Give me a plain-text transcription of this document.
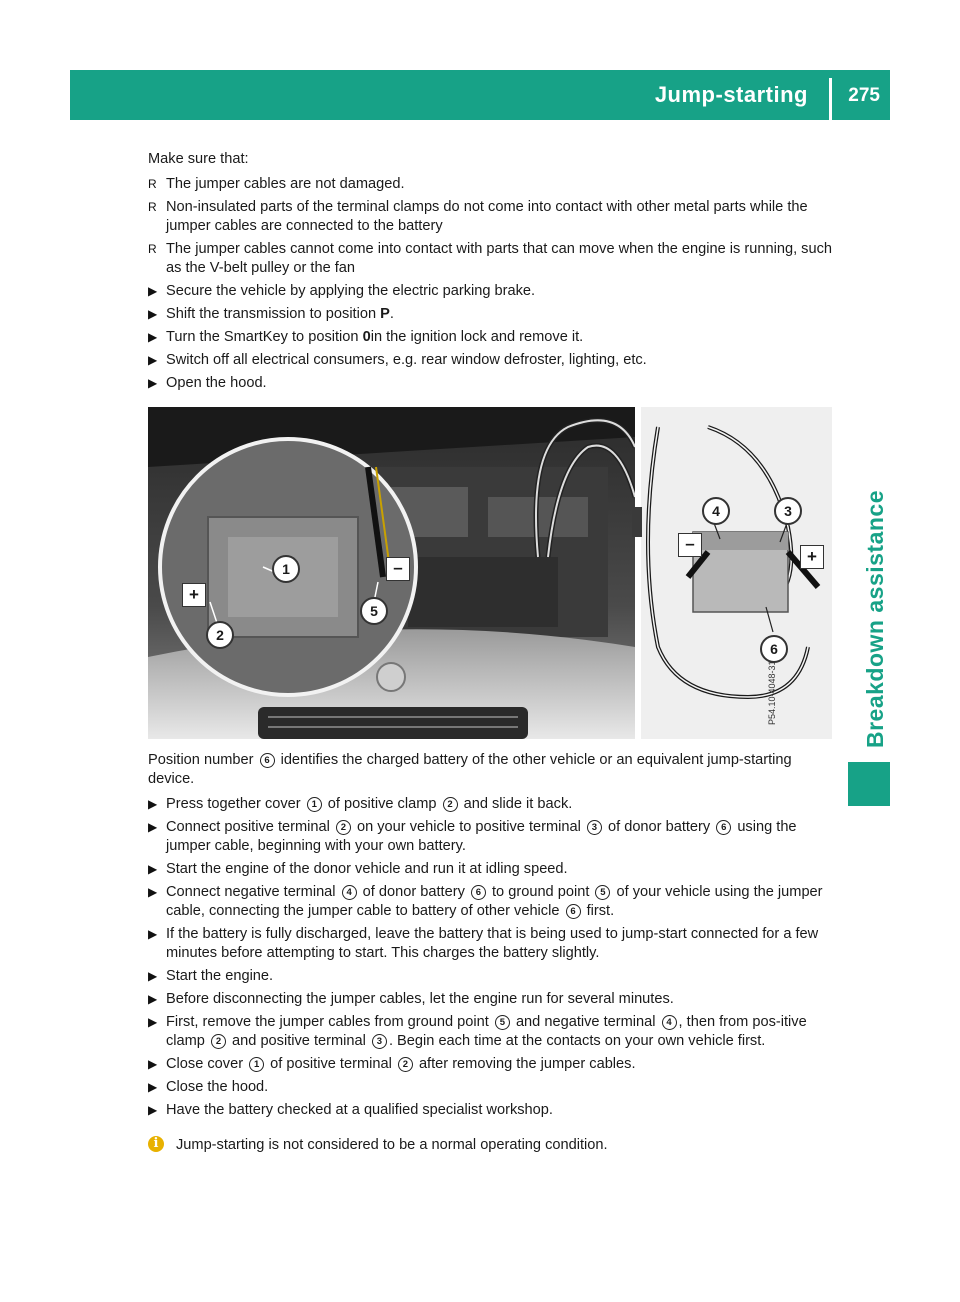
Jump-starting 275
Breakdown assistance

Make sure that:

R The jumper cables are not damaged.
R Non-insulated parts of the terminal clamps do not come into contact with other metal parts while the jumper cables are connected to the battery
R The jumper cables cannot come into contact with parts that can move when the engine is running, such as the V-belt pulley or the fan
▶ Secure the vehicle by applying the electric parking brake.
▶ Shift the transmission to position P.
▶ Turn the SmartKey to position 0in the ignition lock and remove it.
▶ Switch off all electrical consumers, e.g. rear window defroster, lighting, etc.
▶ Open the hood.
1
2
5
4	3
6
+
–
–
+
P54.10-4048-31

Position number 6 identifies the charged battery of the other vehicle or an equivalent jump-starting device.

▶ Press together cover 1 of positive clamp 2 and slide it back.
▶ Connect positive terminal 2 on your vehicle to positive terminal 3 of donor battery 6 using the jumper cable, beginning with your own battery.
▶ Start the engine of the donor vehicle and run it at idling speed.
▶ Connect negative terminal 4 of donor battery 6 to ground point 5 of your vehicle using the jumper cable, connecting the jumper cable to battery of other vehicle 6 first.
▶ If the battery is fully discharged, leave the battery that is being used to jump-start connected for a few minutes before attempting to start. This charges the battery slightly.
▶ Start the engine.
▶ Before disconnecting the jumper cables, let the engine run for several minutes.
▶ First, remove the jumper cables from ground point 5 and negative terminal 4 , then from pos-itive clamp 2 and positive terminal 3 . Begin each time at the contacts on your own vehicle first.
▶ Close cover 1 of positive terminal 2 after removing the jumper cables.
▶ Close the hood.
▶ Have the battery checked at a qualified specialist workshop.
i	Jump-starting is not considered to be a normal operating condition.
